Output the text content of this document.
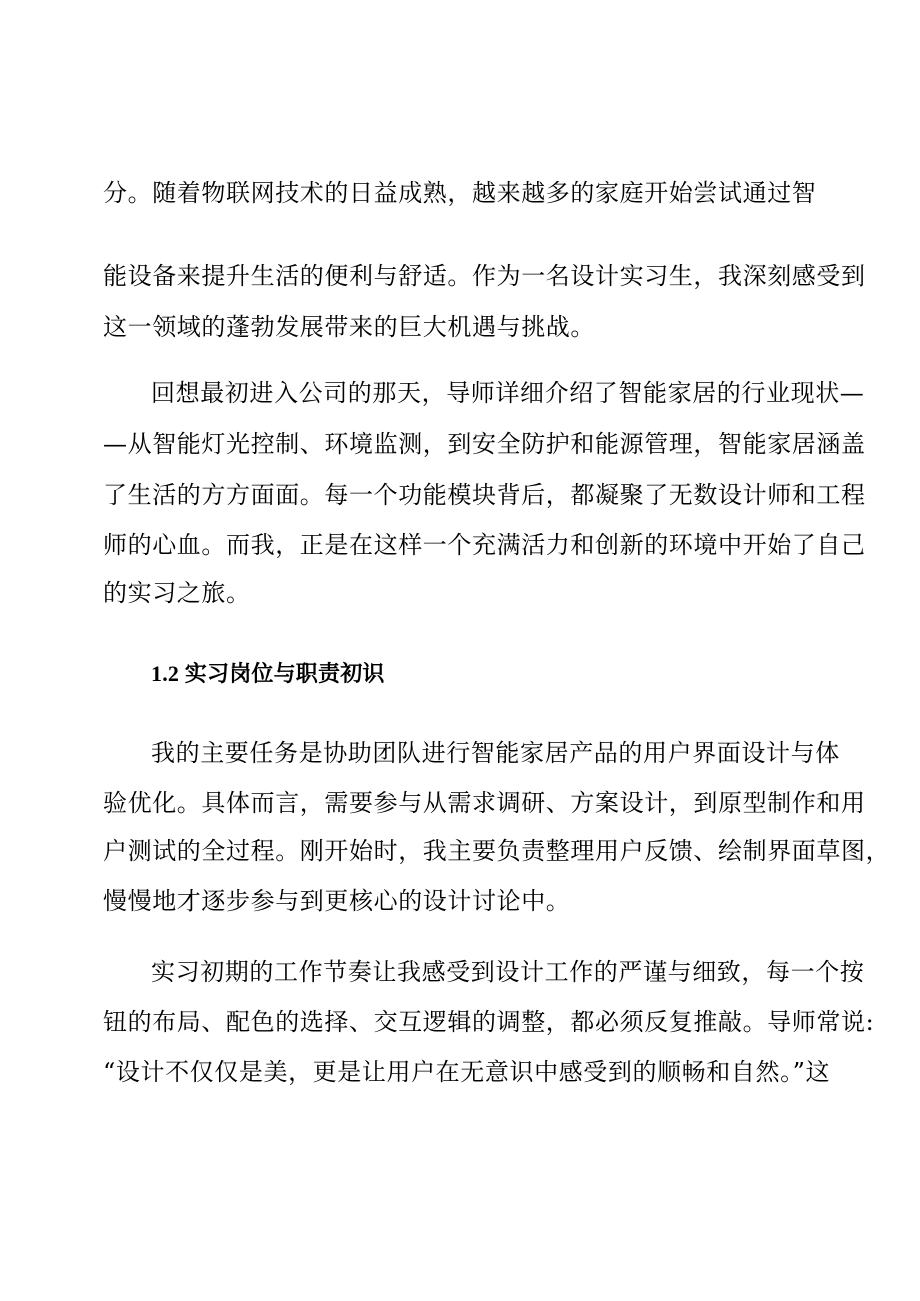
分。随着物联网技术的日益成熟，越来越多的家庭开始尝试通过智
能设备来提升生活的便利与舒适。作为一名设计实习生，我深刻感受到
这一领域的蓬勃发展带来的巨大机遇与挑战。
回想最初进入公司的那天，导师详细介绍了智能家居的行业现状—
—从智能灯光控制、环境监测，到安全防护和能源管理，智能家居涵盖
了生活的方方面面。每一个功能模块背后，都凝聚了无数设计师和工程
师的心血。而我，正是在这样一个充满活力和创新的环境中开始了自己
的实习之旅。
1.2 实习岗位与职责初识
我的主要任务是协助团队进行智能家居产品的用户界面设计与体
验优化。具体而言，需要参与从需求调研、方案设计，到原型制作和用
户测试的全过程。刚开始时，我主要负责整理用户反馈、绘制界面草图，
慢慢地才逐步参与到更核心的设计讨论中。
实习初期的工作节奏让我感受到设计工作的严谨与细致，每一个按
钮的布局、配色的选择、交互逻辑的调整，都必须反复推敲。导师常说:
“设计不仅仅是美，更是让用户在无意识中感受到的顺畅和自然。”这
